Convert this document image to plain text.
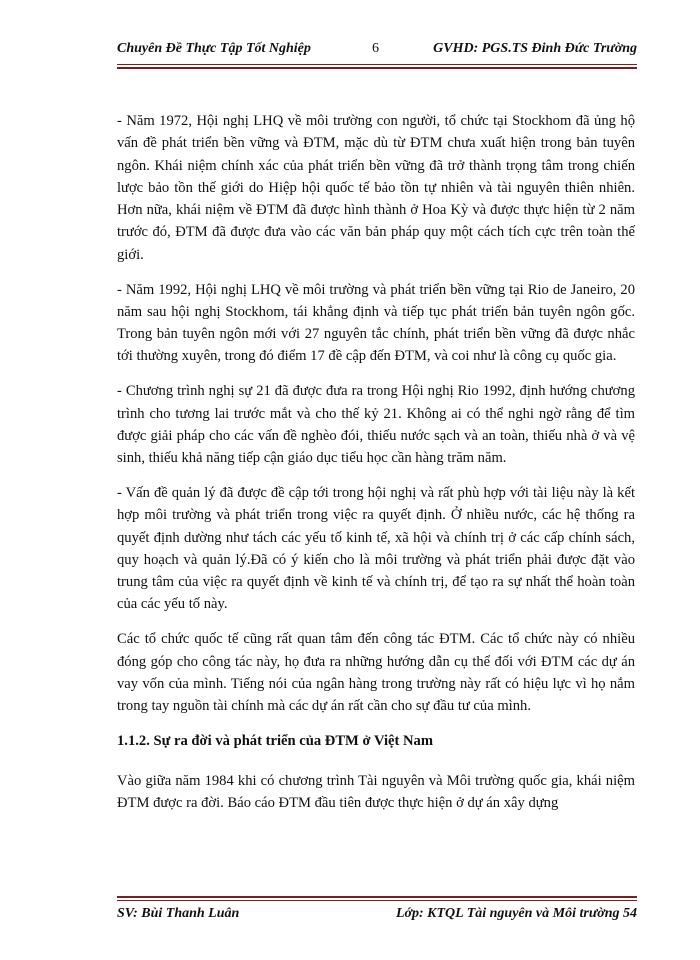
Chuyên Đề Thực Tập Tốt Nghiệp	6	GVHD: PGS.TS Đinh Đức Trường

- Năm 1972, Hội nghị LHQ về môi trường con người, tổ chức tại Stockhom đã ủng hộ vấn đề phát triển bền vững và ĐTM, mặc dù từ ĐTM chưa xuất hiện trong bản tuyên ngôn. Khái niệm chính xác của phát triển bền vững đã trở thành trọng tâm trong chiến lược bảo tồn thế giới do Hiệp hội quốc tế bảo tồn tự nhiên và tài nguyên thiên nhiên. Hơn nữa, khái niệm về ĐTM đã được hình thành ở Hoa Kỳ và được thực hiện từ 2 năm trước đó, ĐTM đã được đưa vào các văn bản pháp quy một cách tích cực trên toàn thế giới.

- Năm 1992, Hội nghị LHQ về môi trường và phát triển bền vững tại Rio de Janeiro, 20 năm sau hội nghị Stockhom, tái khẳng định và tiếp tục phát triển bản tuyên ngôn gốc. Trong bản tuyên ngôn mới với 27 nguyên tắc chính, phát triển bền vững đã được nhắc tới thường xuyên, trong đó điểm 17 đề cập đến ĐTM, và coi như là công cụ quốc gia.

- Chương trình nghị sự 21 đã được đưa ra trong Hội nghị Rio 1992, định hướng chương trình cho tương lai trước mắt và cho thế kỷ 21. Không ai có thể nghi ngờ rằng để tìm được giải pháp cho các vấn đề nghèo đói, thiếu nước sạch và an toàn, thiếu nhà ở và vệ sinh, thiếu khả năng tiếp cận giáo dục tiểu học cần hàng trăm năm.

- Vấn đề quản lý đã được đề cập tới trong hội nghị và rất phù hợp với tài liệu này là kết hợp môi trường và phát triển trong việc ra quyết định. Ở nhiều nước, các hệ thống ra quyết định dường như tách các yếu tố kinh tế, xã hội và chính trị ở các cấp chính sách, quy hoạch và quản lý.Đã có ý kiến cho là môi trường và phát triển phải được đặt vào trung tâm của việc ra quyết định về kinh tế và chính trị, để tạo ra sự nhất thể hoàn toàn của các yếu tố này.

Các tổ chức quốc tế cũng rất quan tâm đến công tác ĐTM. Các tổ chức này có nhiều đóng góp cho công tác này, họ đưa ra những hướng dẫn cụ thể đối với ĐTM các dự án vay vốn của mình. Tiếng nói của ngân hàng trong trường này rất có hiệu lực vì họ nắm trong tay nguồn tài chính mà các dự án rất cần cho sự đầu tư của mình.

1.1.2. Sự ra đời và phát triển của ĐTM ở Việt Nam

Vào giữa năm 1984 khi có chương trình Tài nguyên và Môi trường quốc gia, khái niệm ĐTM được ra đời. Báo cáo ĐTM đầu tiên được thực hiện ở dự án xây dựng

SV: Bùi Thanh Luân	Lớp: KTQL Tài nguyên và Môi trường 54
